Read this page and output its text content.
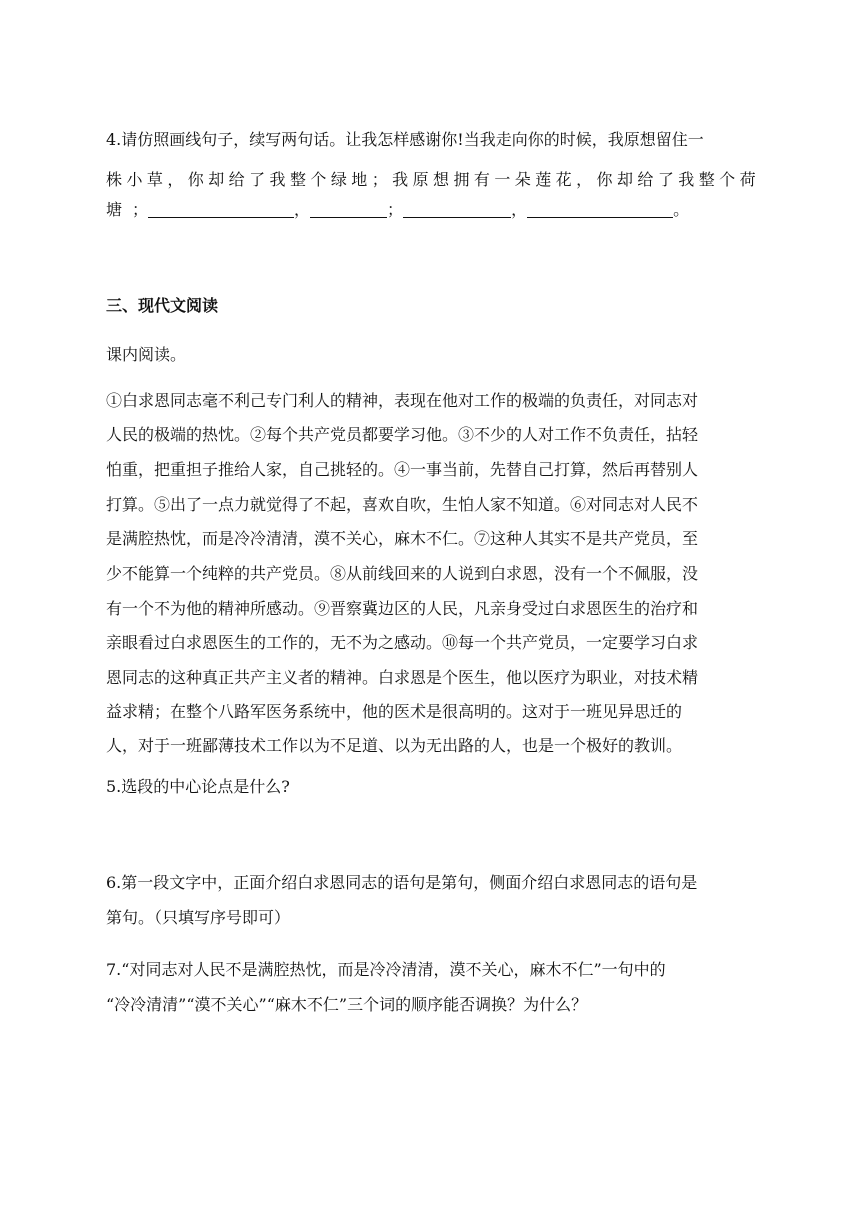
4.请仿照画线句子，续写两句话。让我怎样感谢你!当我走向你的时候，我原想留住一
株 小 草 ， 你 却 给 了 我 整 个 绿 地 ； 我 原 想 拥 有 一 朵 莲 花 ， 你 却 给 了 我 整 个 荷
塘 ；	，	；	，	。
三、现代文阅读
课内阅读。
①白求恩同志毫不利己专门利人的精神，表现在他对工作的极端的负责任，对同志对
人民的极端的热忱。②每个共产党员都要学习他。③不少的人对工作不负责任，拈轻
怕重，把重担子推给人家，自己挑轻的。④一事当前，先替自己打算，然后再替别人
打算。⑤出了一点力就觉得了不起，喜欢自吹，生怕人家不知道。⑥对同志对人民不
是满腔热忱，而是冷冷清清，漠不关心，麻木不仁。⑦这种人其实不是共产党员，至
少不能算一个纯粹的共产党员。⑧从前线回来的人说到白求恩，没有一个不佩服，没
有一个不为他的精神所感动。⑨晋察冀边区的人民，凡亲身受过白求恩医生的治疗和
亲眼看过白求恩医生的工作的，无不为之感动。⑩每一个共产党员，一定要学习白求
恩同志的这种真正共产主义者的精神。白求恩是个医生，他以医疗为职业，对技术精
益求精；在整个八路军医务系统中，他的医术是很高明的。这对于一班见异思迁的
人，对于一班鄙薄技术工作以为不足道、以为无出路的人，也是一个极好的教训。
5.选段的中心论点是什么?
6.第一段文字中，正面介绍白求恩同志的语句是第句，侧面介绍白求恩同志的语句是
第句。（只填写序号即可）
7.“对同志对人民不是满腔热忱，而是冷冷清清，漠不关心，麻木不仁”一句中的
“冷冷清清”“漠不关心”“麻木不仁”三个词的顺序能否调换？为什么？
